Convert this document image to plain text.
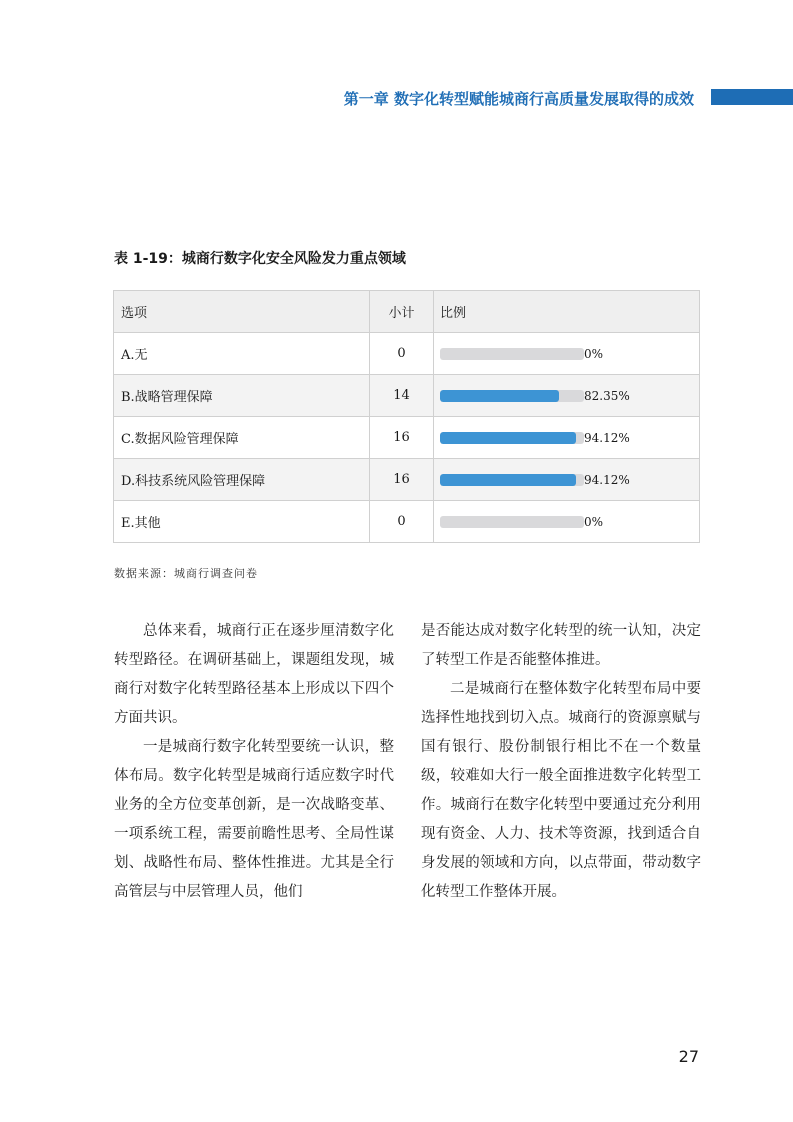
第一章 数字化转型赋能城商行高质量发展取得的成效
表 1-19：城商行数字化安全风险发力重点领域
选项	小计	比例
A.无	0	0%

B.战略管理保障	14	82.35%

C.数据风险管理保障	16	94.12%

D.科技系统风险管理保障	16	94.12%

E.其他	0	0%
数据来源：城商行调查问卷

总体来看，城商行正在逐步厘清数字化转型路径。在调研基础上，课题组发现，城商行对数字化转型路径基本上形成以下四个方面共识。

一是城商行数字化转型要统一认识，整体布局。数字化转型是城商行适应数字时代业务的全方位变革创新，是一次战略变革、一项系统工程，需要前瞻性思考、全局性谋划、战略性布局、整体性推进。尤其是全行高管层与中层管理人员，他们

是否能达成对数字化转型的统一认知，决定了转型工作是否能整体推进。

二是城商行在整体数字化转型布局中要选择性地找到切入点。城商行的资源禀赋与国有银行、股份制银行相比不在一个数量级，较难如大行一般全面推进数字化转型工作。城商行在数字化转型中要通过充分利用现有资金、人力、技术等资源，找到适合自身发展的领域和方向，以点带面，带动数字化转型工作整体开展。

27
